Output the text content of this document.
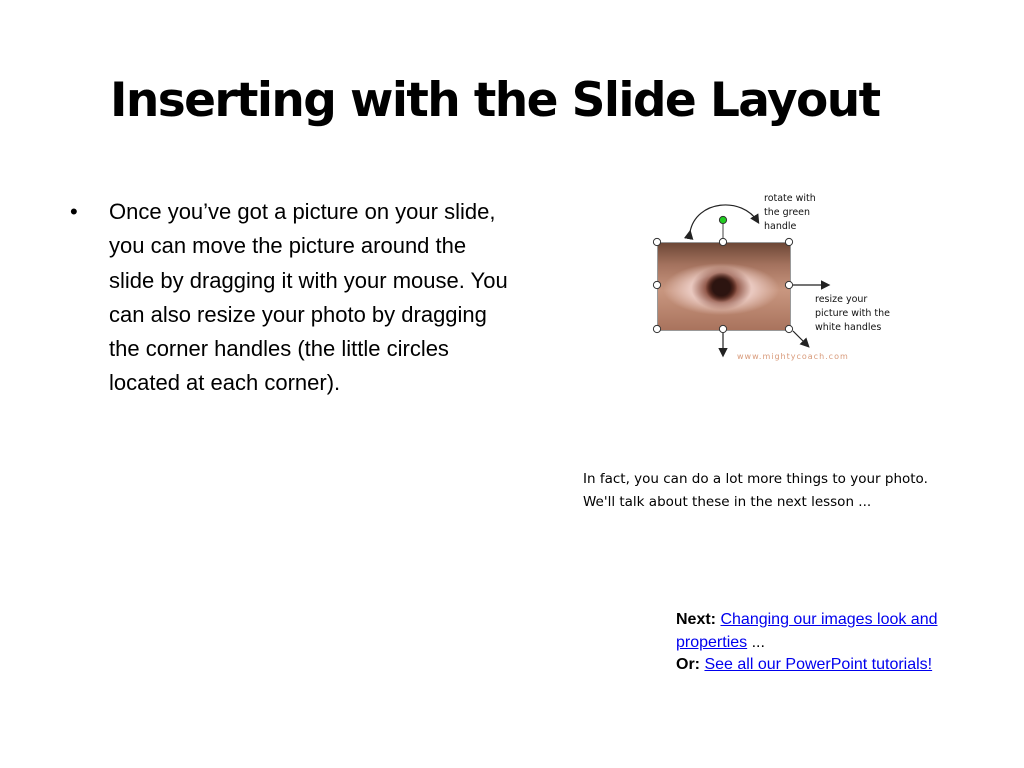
Inserting with the Slide Layout
• Once you’ve got a picture on your slide, you can move the picture around the slide by dragging it with your mouse. You can also resize your photo by dragging the corner handles (the little circles located at each corner).
rotate with the green handle
resize your picture with the white handles
www.mightycoach.com
In fact, you can do a lot more things to your photo.
We'll talk about these in the next lesson ...
Next: Changing our images look and properties ...
Or: See all our PowerPoint tutorials!
